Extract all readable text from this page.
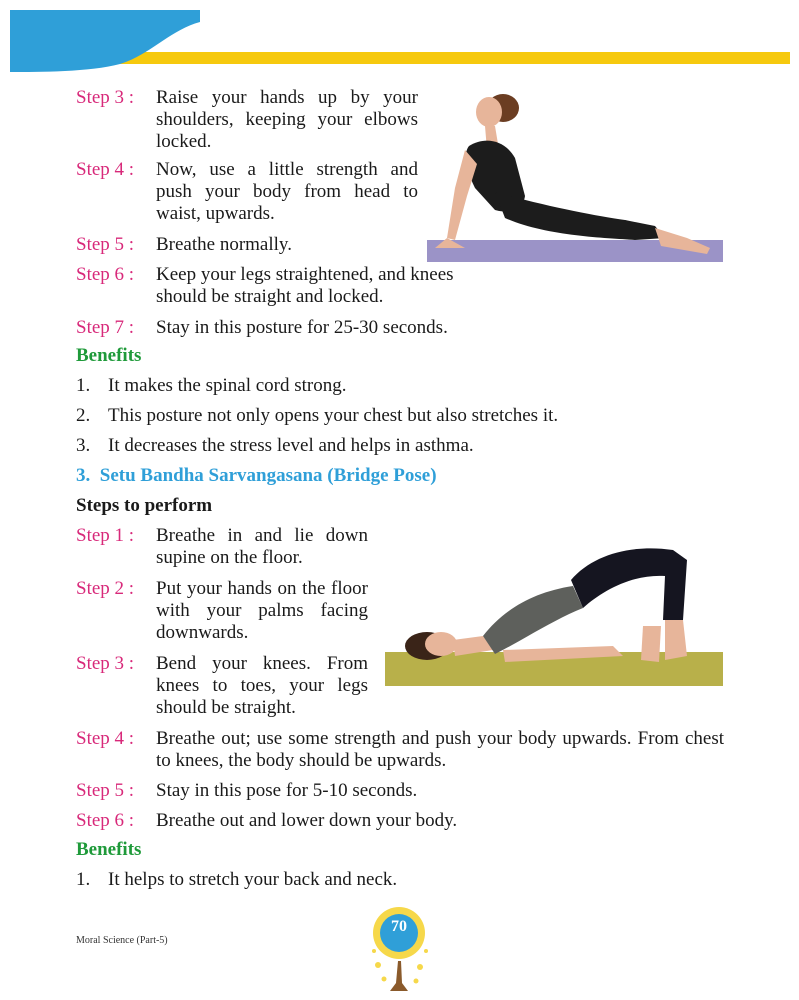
Step 3 : Raise your hands up by your shoulders, keeping your elbows locked.
Step 4 : Now, use a little strength and push your body from head to waist, upwards.
Step 5 : Breathe normally.
Step 6 : Keep your legs straightened, and knees should be straight and locked.
Step 7 : Stay in this posture for 25-30 seconds.
Benefits
1. It makes the spinal cord strong.
2. This posture not only opens your chest but also stretches it.
3. It decreases the stress level and helps in asthma.
3.  Setu Bandha Sarvangasana (Bridge Pose)
Steps to perform
Step 1 : Breathe in and lie down supine on the floor.
Step 2 : Put your hands on the floor with your palms facing downwards.
Step 3 : Bend your knees. From knees to toes, your legs should be straight.
Step 4 : Breathe out; use some strength and push your body upwards. From chest to knees, the body should be upwards.
Step 5 : Stay in this pose for 5-10 seconds.
Step 6 : Breathe out and lower down your body.
Benefits
1. It helps to stretch your back and neck.
Moral Science (Part-5)
70
